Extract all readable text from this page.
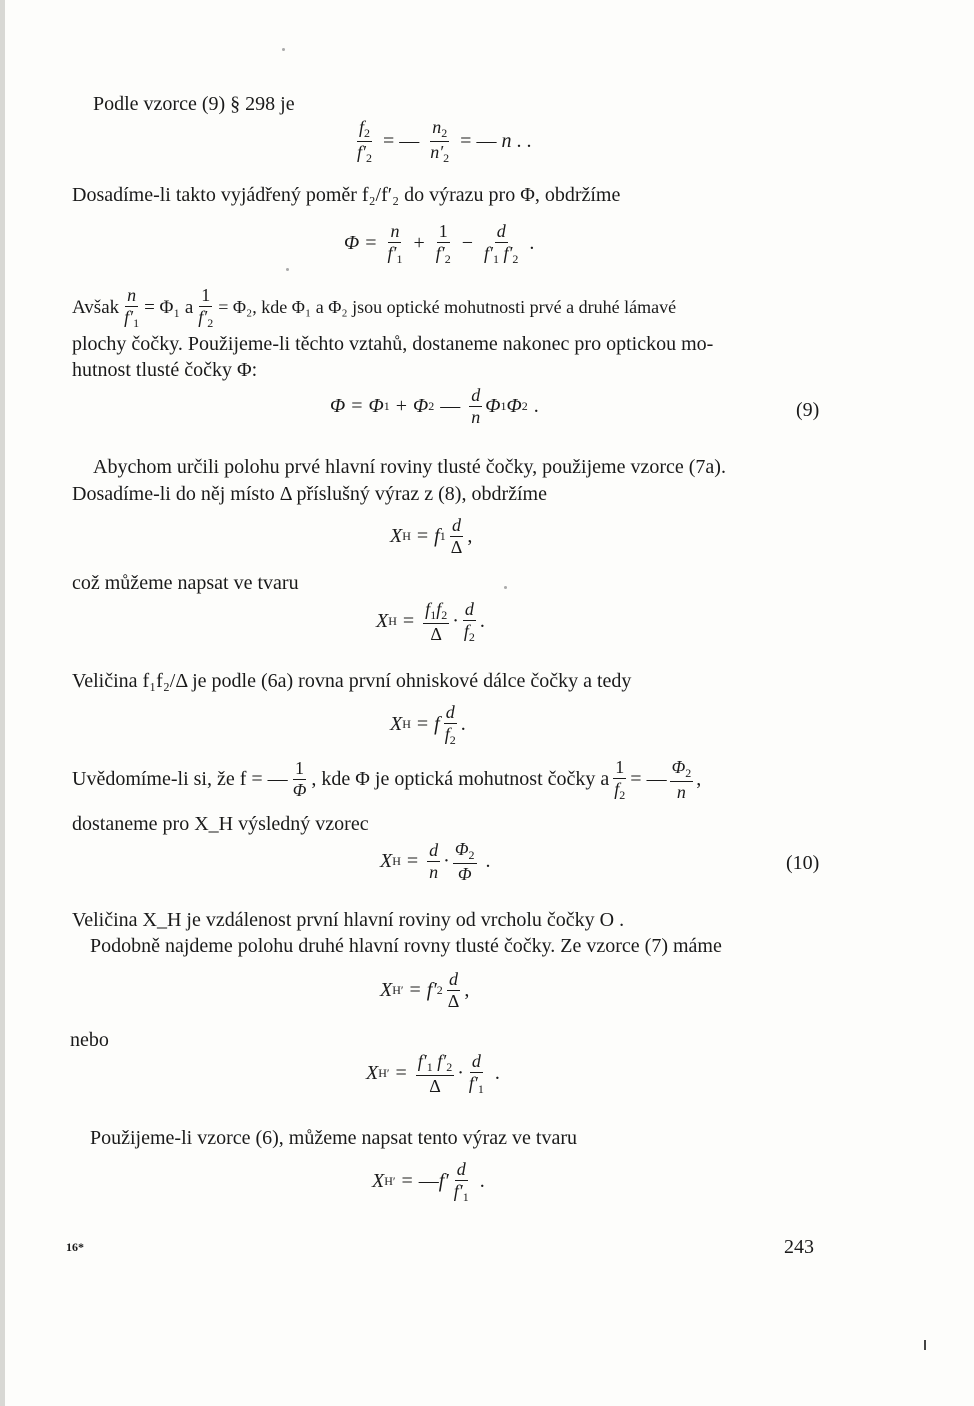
Podle vzorce (9) § 298 je
$\frac{f_2}{f'_2}$ = — $\frac{n_2}{n'_2}$ = — n . .
Dosadíme-li takto vyjádřený poměr f₂/f′₂ do výrazu pro Φ, obdržíme
$\Phi = \frac{n}{f'_1} + \frac{1}{f'_2} - \frac{d}{f'_1 f'_2}$ .
Avšak $\frac{n}{f'_1} = \Phi_1$ a $\frac{1}{f'_2} = \Phi_2$, kde Φ₁ a Φ₂ jsou optické mohutnosti prvé a druhé lámavé
plochy čočky. Použijeme-li těchto vztahů, dostaneme nakonec pro optickou mo-
hutnost tlusté čočky Φ:
Φ = Φ 1 + Φ 2 — $\frac{d}{n}$ Φ 1 Φ 2 .	(9)
Abychom určili polohu prvé hlavní roviny tlusté čočky, použijeme vzorce (7a).
Dosadíme-li do něj místo Δ příslušný výraz z (8), obdržíme
X H = f $1 \frac{d}{\Delta}$ ,
což můžeme napsat ve tvaru
X $H = \frac{f_1f_2}{\Delta} \cdot \frac{d}{f_2}$ .
Veličina f₁f₂/Δ je podle (6a) rovna první ohniskové dálce čočky a tedy
X H = f $\frac{d}{f_2}$ .
Uvědomíme-li si, že f = — $\frac{1}{\Phi}$ , kde Φ je optická mohutnost čočky a $\frac{1}{f_2}$ = — $\frac{\Phi_2}{n}$ ,
dostaneme pro X_H výsledný vzorec
X $H = \frac{d}{n} \cdot \frac{\Phi_2}{\Phi}$ .	(10)
Veličina X_H je vzdálenost první hlavní roviny od vrcholu čočky O .
Podobně najdeme polohu druhé hlavní rovny tlusté čočky. Ze vzorce (7) máme
X H′ = f′ $2 \frac{d}{\Delta}$ ,
nebo
X $H' = \frac{f'_1 f'_2}{\Delta} \cdot \frac{d}{f'_1}$ .
Použijeme-li vzorce (6), můžeme napsat tento výraz ve tvaru
X H′ = — $f' \frac{d}{f'_1}$ .
16*	243
